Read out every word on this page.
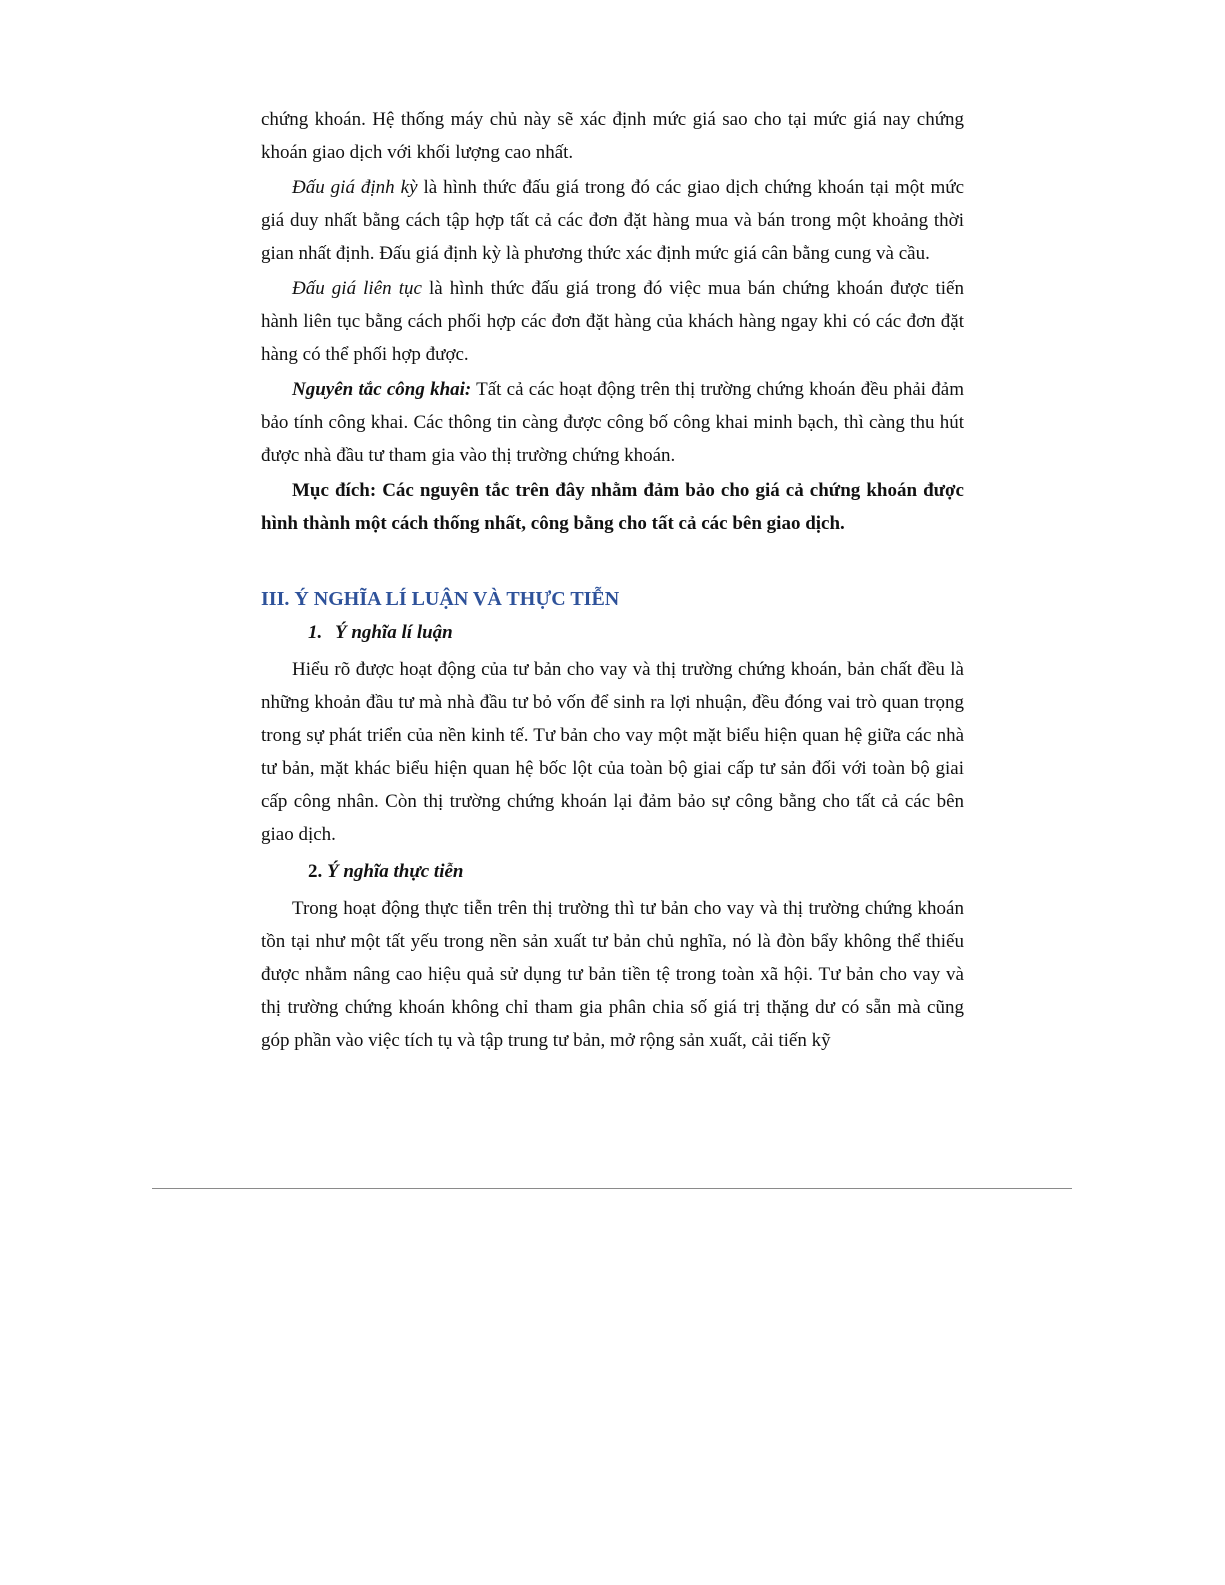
chứng khoán. Hệ thống máy chủ này sẽ xác định mức giá sao cho tại mức giá nay chứng khoán giao dịch với khối lượng cao nhất.

Đấu giá định kỳ là hình thức đấu giá trong đó các giao dịch chứng khoán tại một mức giá duy nhất bằng cách tập hợp tất cả các đơn đặt hàng mua và bán trong một khoảng thời gian nhất định. Đấu giá định kỳ là phương thức xác định mức giá cân bằng cung và cầu.

Đấu giá liên tục là hình thức đấu giá trong đó việc mua bán chứng khoán được tiến hành liên tục bằng cách phối hợp các đơn đặt hàng của khách hàng ngay khi có các đơn đặt hàng có thể phối hợp được.

Nguyên tắc công khai: Tất cả các hoạt động trên thị trường chứng khoán đều phải đảm bảo tính công khai. Các thông tin càng được công bố công khai minh bạch, thì càng thu hút được nhà đầu tư tham gia vào thị trường chứng khoán.

Mục đích: Các nguyên tắc trên đây nhằm đảm bảo cho giá cả chứng khoán được hình thành một cách thống nhất, công bằng cho tất cả các bên giao dịch.

III. Ý NGHĨA LÍ LUẬN VÀ THỰC TIỄN
1. Ý nghĩa lí luận

Hiểu rõ được hoạt động của tư bản cho vay và thị trường chứng khoán, bản chất đều là những khoản đầu tư mà nhà đầu tư bỏ vốn để sinh ra lợi nhuận, đều đóng vai trò quan trọng trong sự phát triển của nền kinh tế. Tư bản cho vay một mặt biểu hiện quan hệ giữa các nhà tư bản, mặt khác biểu hiện quan hệ bốc lột của toàn bộ giai cấp tư sản đối với toàn bộ giai cấp công nhân. Còn thị trường chứng khoán lại đảm bảo sự công bằng cho tất cả các bên giao dịch.

2. Ý nghĩa thực tiễn

Trong hoạt động thực tiễn trên thị trường thì tư bản cho vay và thị trường chứng khoán tồn tại như một tất yếu trong nền sản xuất tư bản chủ nghĩa, nó là đòn bẩy không thể thiếu được nhằm nâng cao hiệu quả sử dụng tư bản tiền tệ trong toàn xã hội. Tư bản cho vay và thị trường chứng khoán không chỉ tham gia phân chia số giá trị thặng dư có sẵn mà cũng góp phần vào việc tích tụ và tập trung tư bản, mở rộng sản xuất, cải tiến kỹ
